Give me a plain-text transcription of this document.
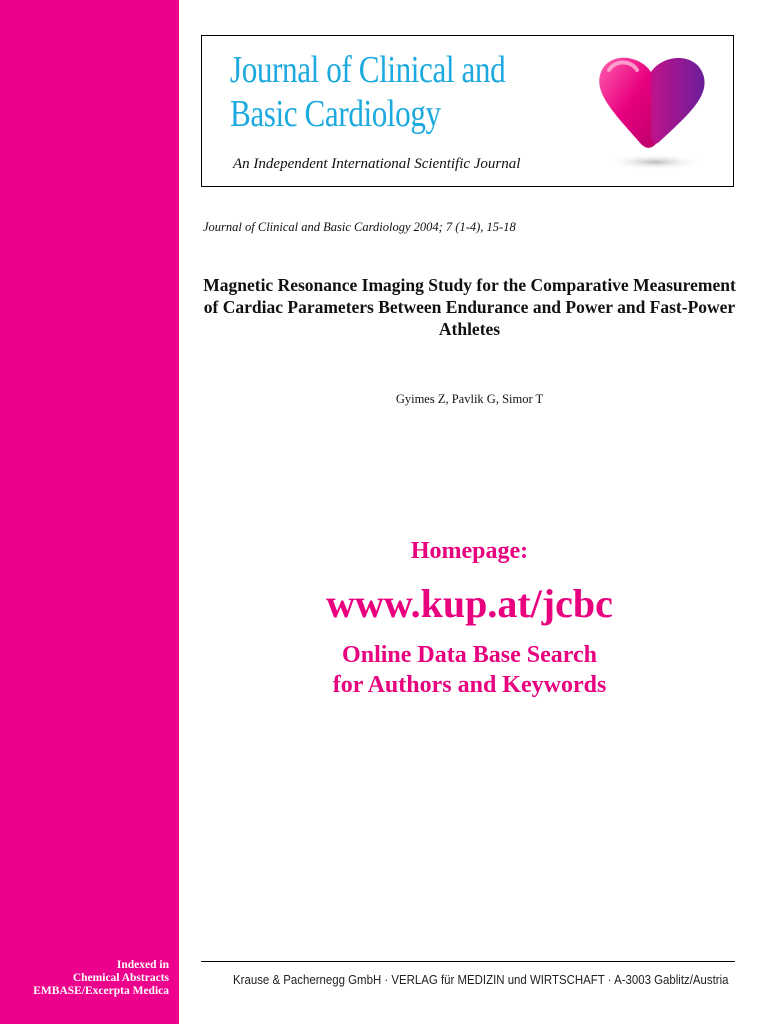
Indexed in
Chemical Abstracts
EMBASE/Excerpta Medica
Journal of Clinical and
Basic Cardiology
An Independent International Scientific Journal
Journal of Clinical and Basic Cardiology 2004; 7 (1-4), 15-18
Magnetic Resonance Imaging Study for the Comparative Measurement of Cardiac Parameters Between Endurance and Power and Fast-Power Athletes
Gyimes Z, Pavlik G, Simor T
Homepage:
www.kup.at/jcbc
Online Data Base Search
for Authors and Keywords
Krause & Pachernegg GmbH · VERLAG für MEDIZIN und WIRTSCHAFT · A-3003 Gablitz/Austria
